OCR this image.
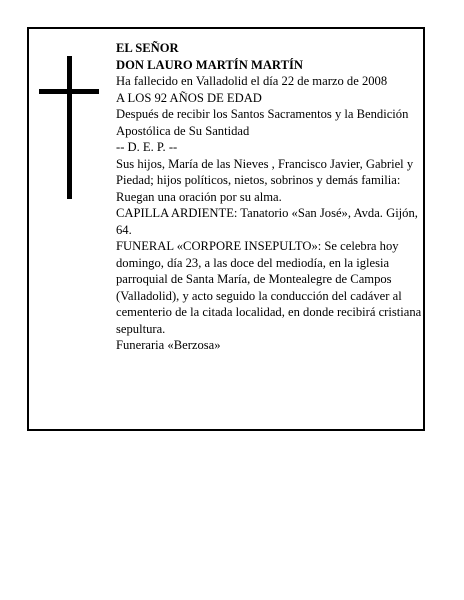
EL SEÑOR

DON LAURO MARTÍN MARTÍN

Ha fallecido en Valladolid el día 22 de marzo de 2008

A LOS 92 AÑOS DE EDAD

Después de recibir los Santos Sacramentos y la Bendición Apostólica de Su Santidad

-- D. E. P. --

Sus hijos, María de las Nieves , Francisco Javier, Gabriel y Piedad; hijos políticos, nietos, sobrinos y demás familia:

Ruegan una oración por su alma.

CAPILLA ARDIENTE: Tanatorio «San José», Avda. Gijón, 64.

FUNERAL «CORPORE INSEPULTO»: Se celebra hoy domingo, día 23, a las doce del mediodía, en la iglesia parroquial de Santa María, de Montealegre de Campos (Valladolid), y acto seguido la conducción del cadáver al cementerio de la citada localidad, en donde recibirá cristiana sepultura.

Funeraria «Berzosa»
